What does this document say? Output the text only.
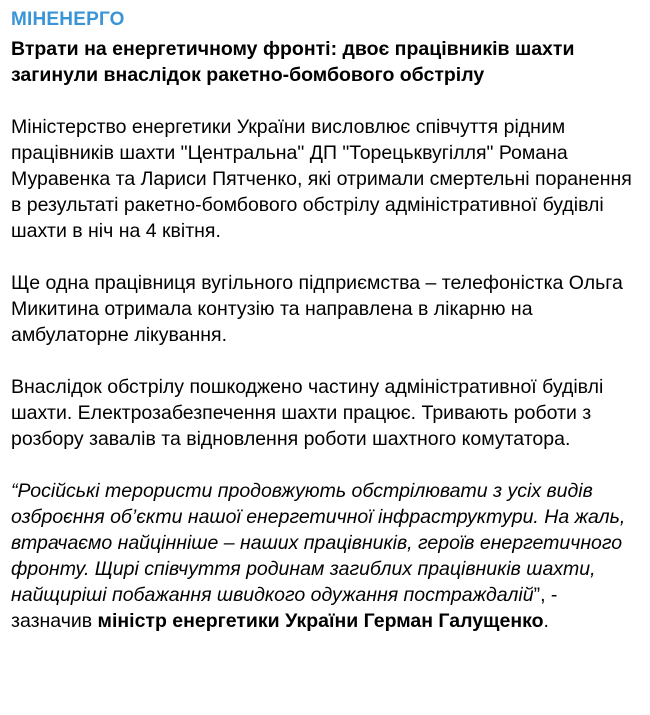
МІНЕНЕРГО
Втрати на енергетичному фронті: двоє працівників шахти загинули внаслідок ракетно-бомбового обстрілу
Міністерство енергетики України висловлює співчуття рідним працівників шахти "Центральна" ДП "Торецьквугілля" Романа Муравенка та Лариси Пятченко, які отримали смертельні поранення в результаті ракетно-бомбового обстрілу адміністративної будівлі шахти в ніч на 4 квітня.
Ще одна працівниця вугільного підприємства – телефоністка Ольга Микитина отримала контузію та направлена в лікарню на амбулаторне лікування.
Внаслідок обстрілу пошкоджено частину адміністративної будівлі шахти. Електрозабезпечення шахти працює. Тривають роботи з розбору завалів та відновлення роботи шахтного комутатора.
“Російські терористи продовжують обстрілювати з усіх видів озброєння об’єкти нашої енергетичної інфраструктури. На жаль, втрачаємо найцінніше – наших працівників, героїв енергетичного фронту. Щирі співчуття родинам загиблих працівників шахти, найщиріші побажання швидкого одужання постраждалій”, - зазначив міністр енергетики України Герман Галущенко.
